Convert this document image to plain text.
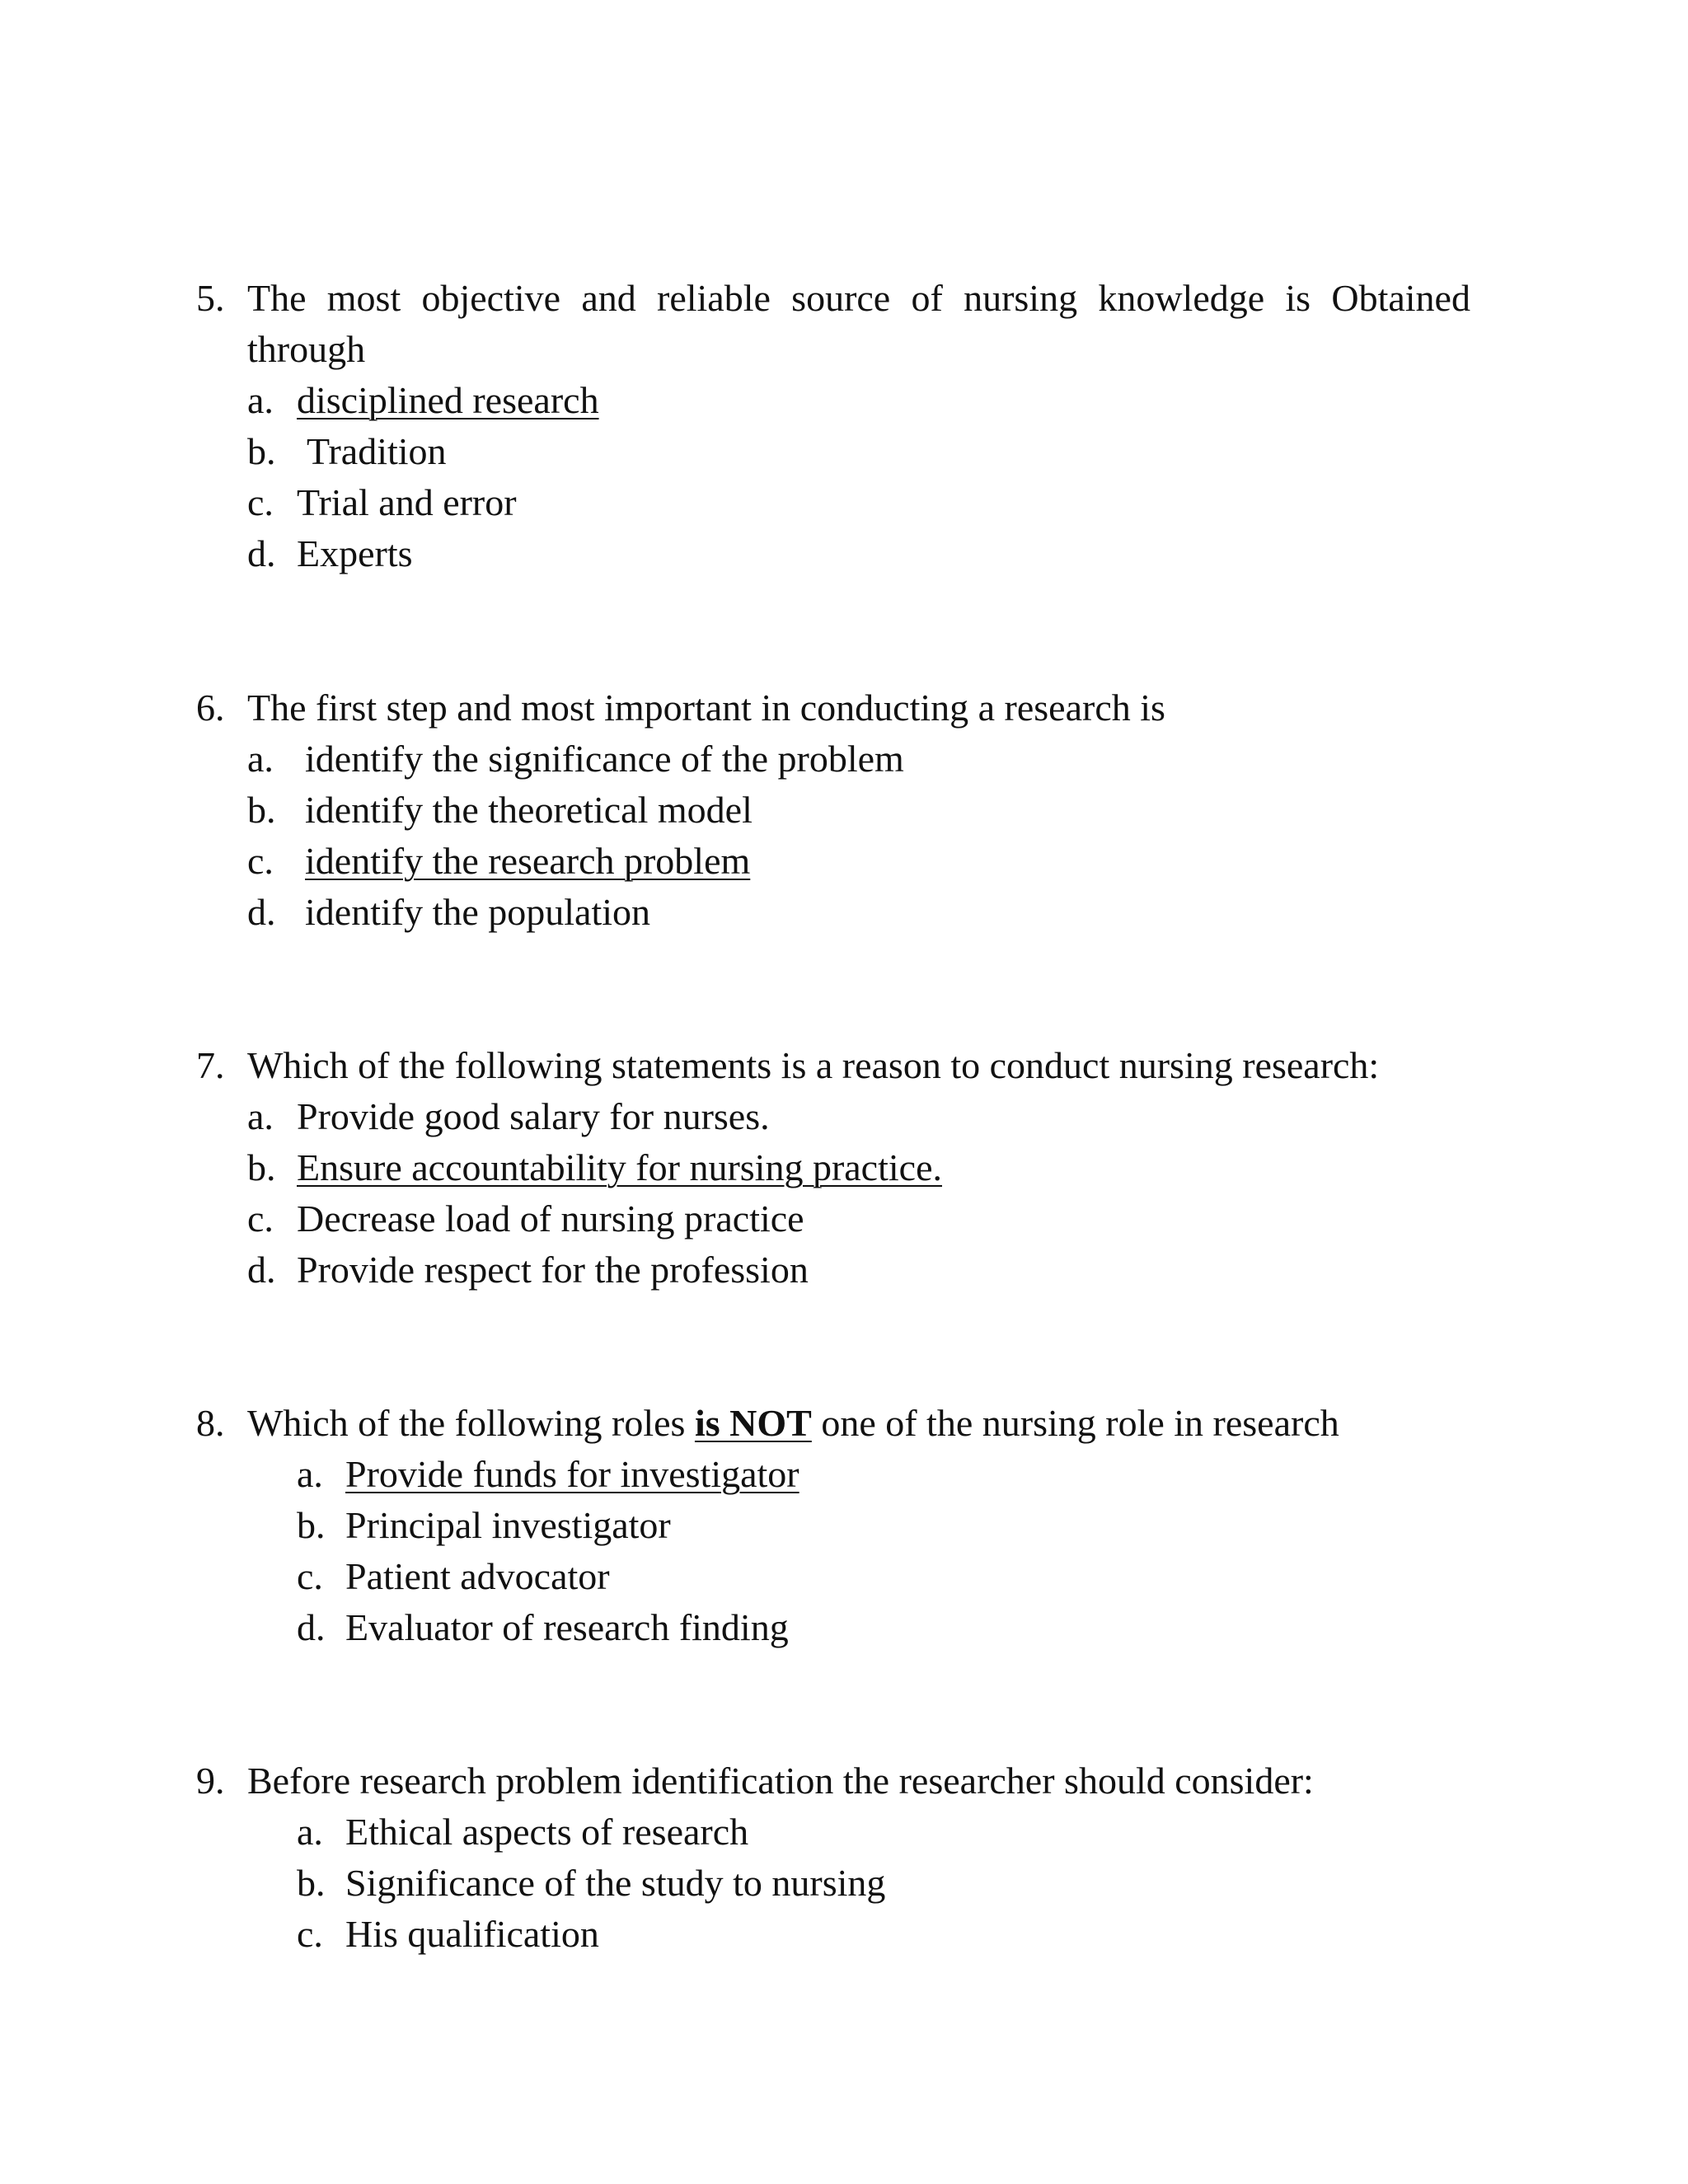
5. The most objective and reliable source of nursing knowledge is Obtained
through
a. disciplined research
b. Tradition
c. Trial and error
d. Experts
6. The first step and most important in conducting a research is
a. identify the significance of the problem
b. identify the theoretical model
c. identify the research problem
d. identify the population
7. Which of the following statements is a reason to conduct nursing research:
a. Provide good salary for nurses.
b. Ensure accountability for nursing practice.
c. Decrease load of nursing practice
d. Provide respect for the profession
8. Which of the following roles is NOT one of the nursing role in research
a. Provide funds for investigator
b. Principal investigator
c. Patient advocator
d. Evaluator of research finding
9. Before research problem identification the researcher should consider:
a. Ethical aspects of research
b. Significance of the study to nursing
c. His qualification
